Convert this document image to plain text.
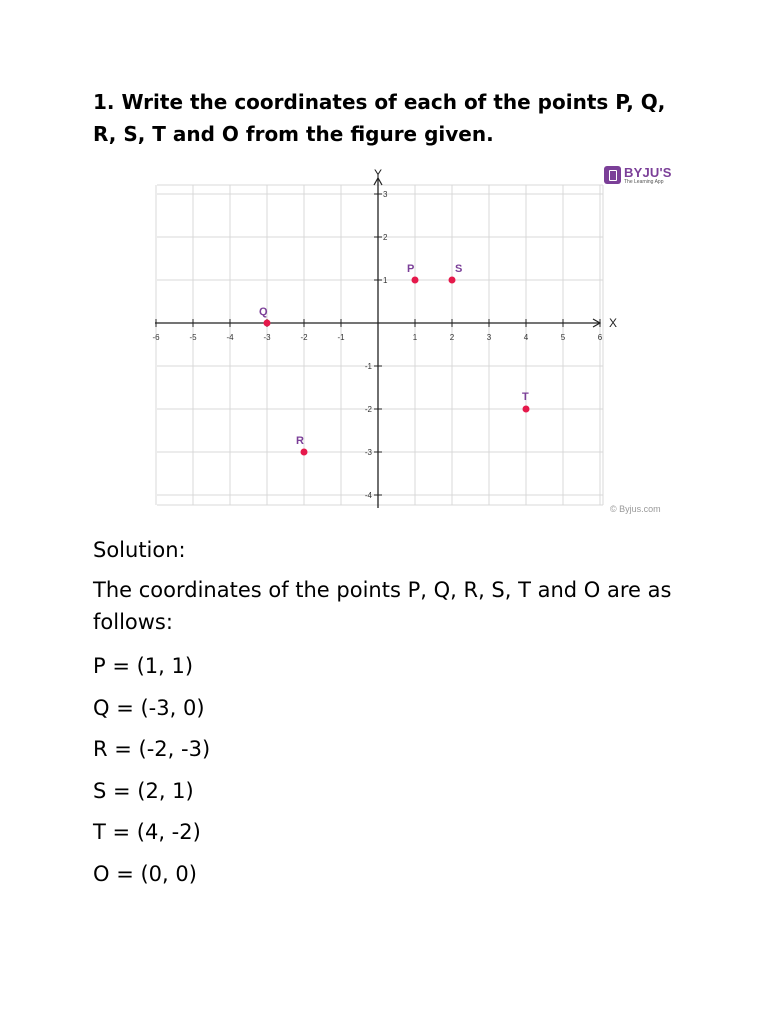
1. Write the coordinates of each of the points P, Q, R, S, T and O from the figure given.

X
Y
-6	-5	-4	-3	-2	-1	1	2	3	4	5	6
3
2
1
-1
-2
-3
-4
P	S
Q
T
R
BYJU'S
The Learning App
© Byjus.com

Solution:

The coordinates of the points P, Q, R, S, T and O are as follows:

P = (1, 1)

Q = (-3, 0)

R = (-2, -3)

S = (2, 1)

T = (4, -2)

O = (0, 0)
